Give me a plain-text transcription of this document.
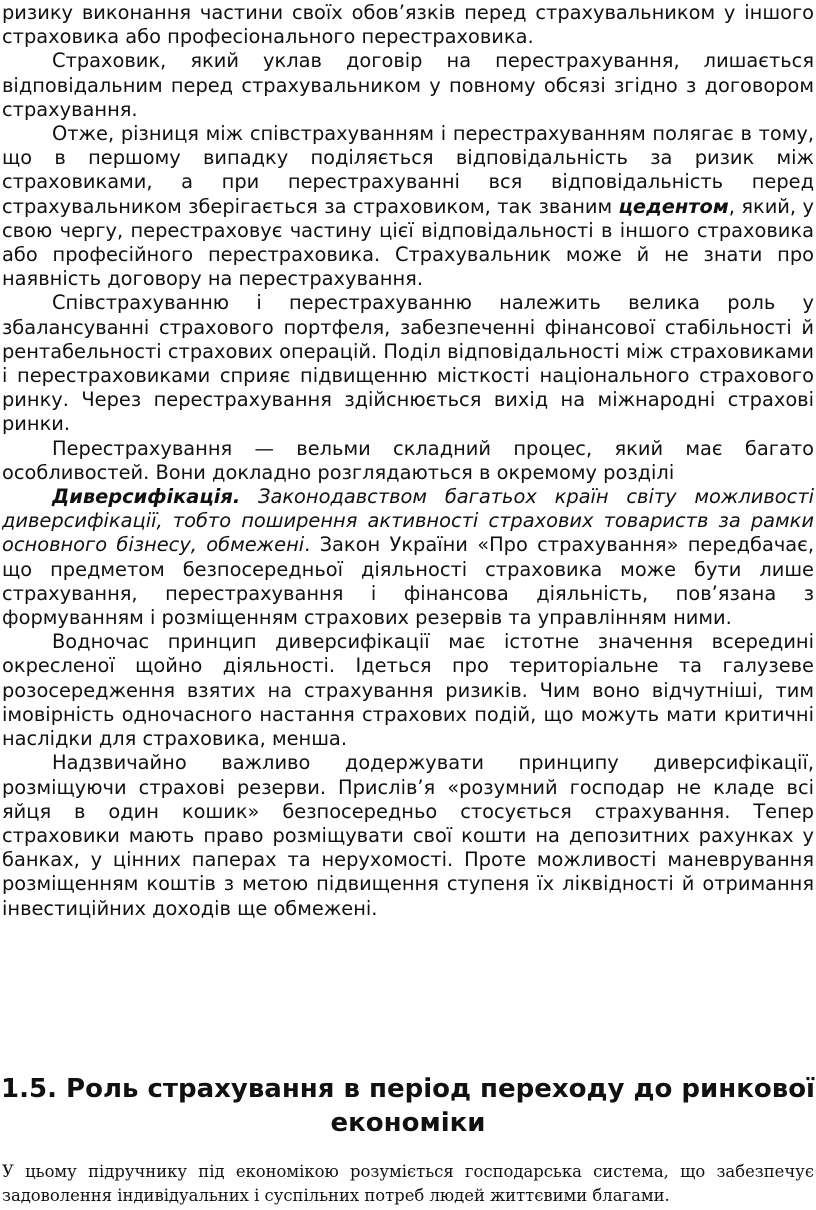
ризику виконання частини своїх обов’язків перед страхувальником у іншого страховика або професіонального перестраховика.

Страховик, який уклав договір на перестрахування, лишається відповідальним перед страхувальником у повному обсязі згідно з договором страхування.

Отже, різниця між співстрахуванням і перестрахуванням полягає в тому, що в першому випадку поділяється відповідальність за ризик між страховиками, а при перестрахуванні вся відповідальність перед страхувальником зберігається за страховиком, так званим цедентом, який, у свою чергу, перестраховує частину цієї відповідальності в іншого страховика або професійного перестраховика. Страхувальник може й не знати про наявність договору на перестрахування.

Співстрахуванню і перестрахуванню належить велика роль у збалансуванні страхового портфеля, забезпеченні фінансової стабільності й рентабельності страхових операцій. Поділ відповідальності між страховиками і перестраховиками сприяє підвищенню місткості національного страхового ринку. Через перестрахування здійснюється вихід на міжнародні страхові ринки.

Перестрахування — вельми складний процес, який має багато особливостей. Вони докладно розглядаються в окремому розділі

Диверсифікація. Законодавством багатьох країн світу можливості диверсифікації, тобто поширення активності страхових товариств за рамки основного бізнесу, обмежені. Закон України «Про страхування» передбачає, що предметом безпосередньої діяльності страховика може бути лише страхування, перестрахування і фінансова діяльність, пов’язана з формуванням і розміщенням страхових резервів та управлінням ними.

Водночас принцип диверсифікації має істотне значення всередині окресленої щойно діяльності. Ідеться про територіальне та галузеве розосередження взятих на страхування ризиків. Чим воно відчутніші, тим імовірність одночасного настання страхових подій, що можуть мати критичні наслідки для страховика, менша.

Надзвичайно важливо додержувати принципу диверсифікації, розміщуючи страхові резерви. Прислів’я «розумний господар не кладе всі яйця в один кошик» безпосередньо стосується страхування. Тепер страховики мають право розміщувати свої кошти на депозитних рахунках у банках, у цінних паперах та нерухомості. Проте можливості маневрування розміщенням коштів з метою підвищення ступеня їх ліквідності й отримання інвестиційних доходів ще обмежені.

1.5. Роль страхування в період переходу до ринкової економіки

У цьому підручнику під економікою розуміється господарська система, що забезпечує задоволення індивідуальних і суспільних потреб людей життєвими благами.
